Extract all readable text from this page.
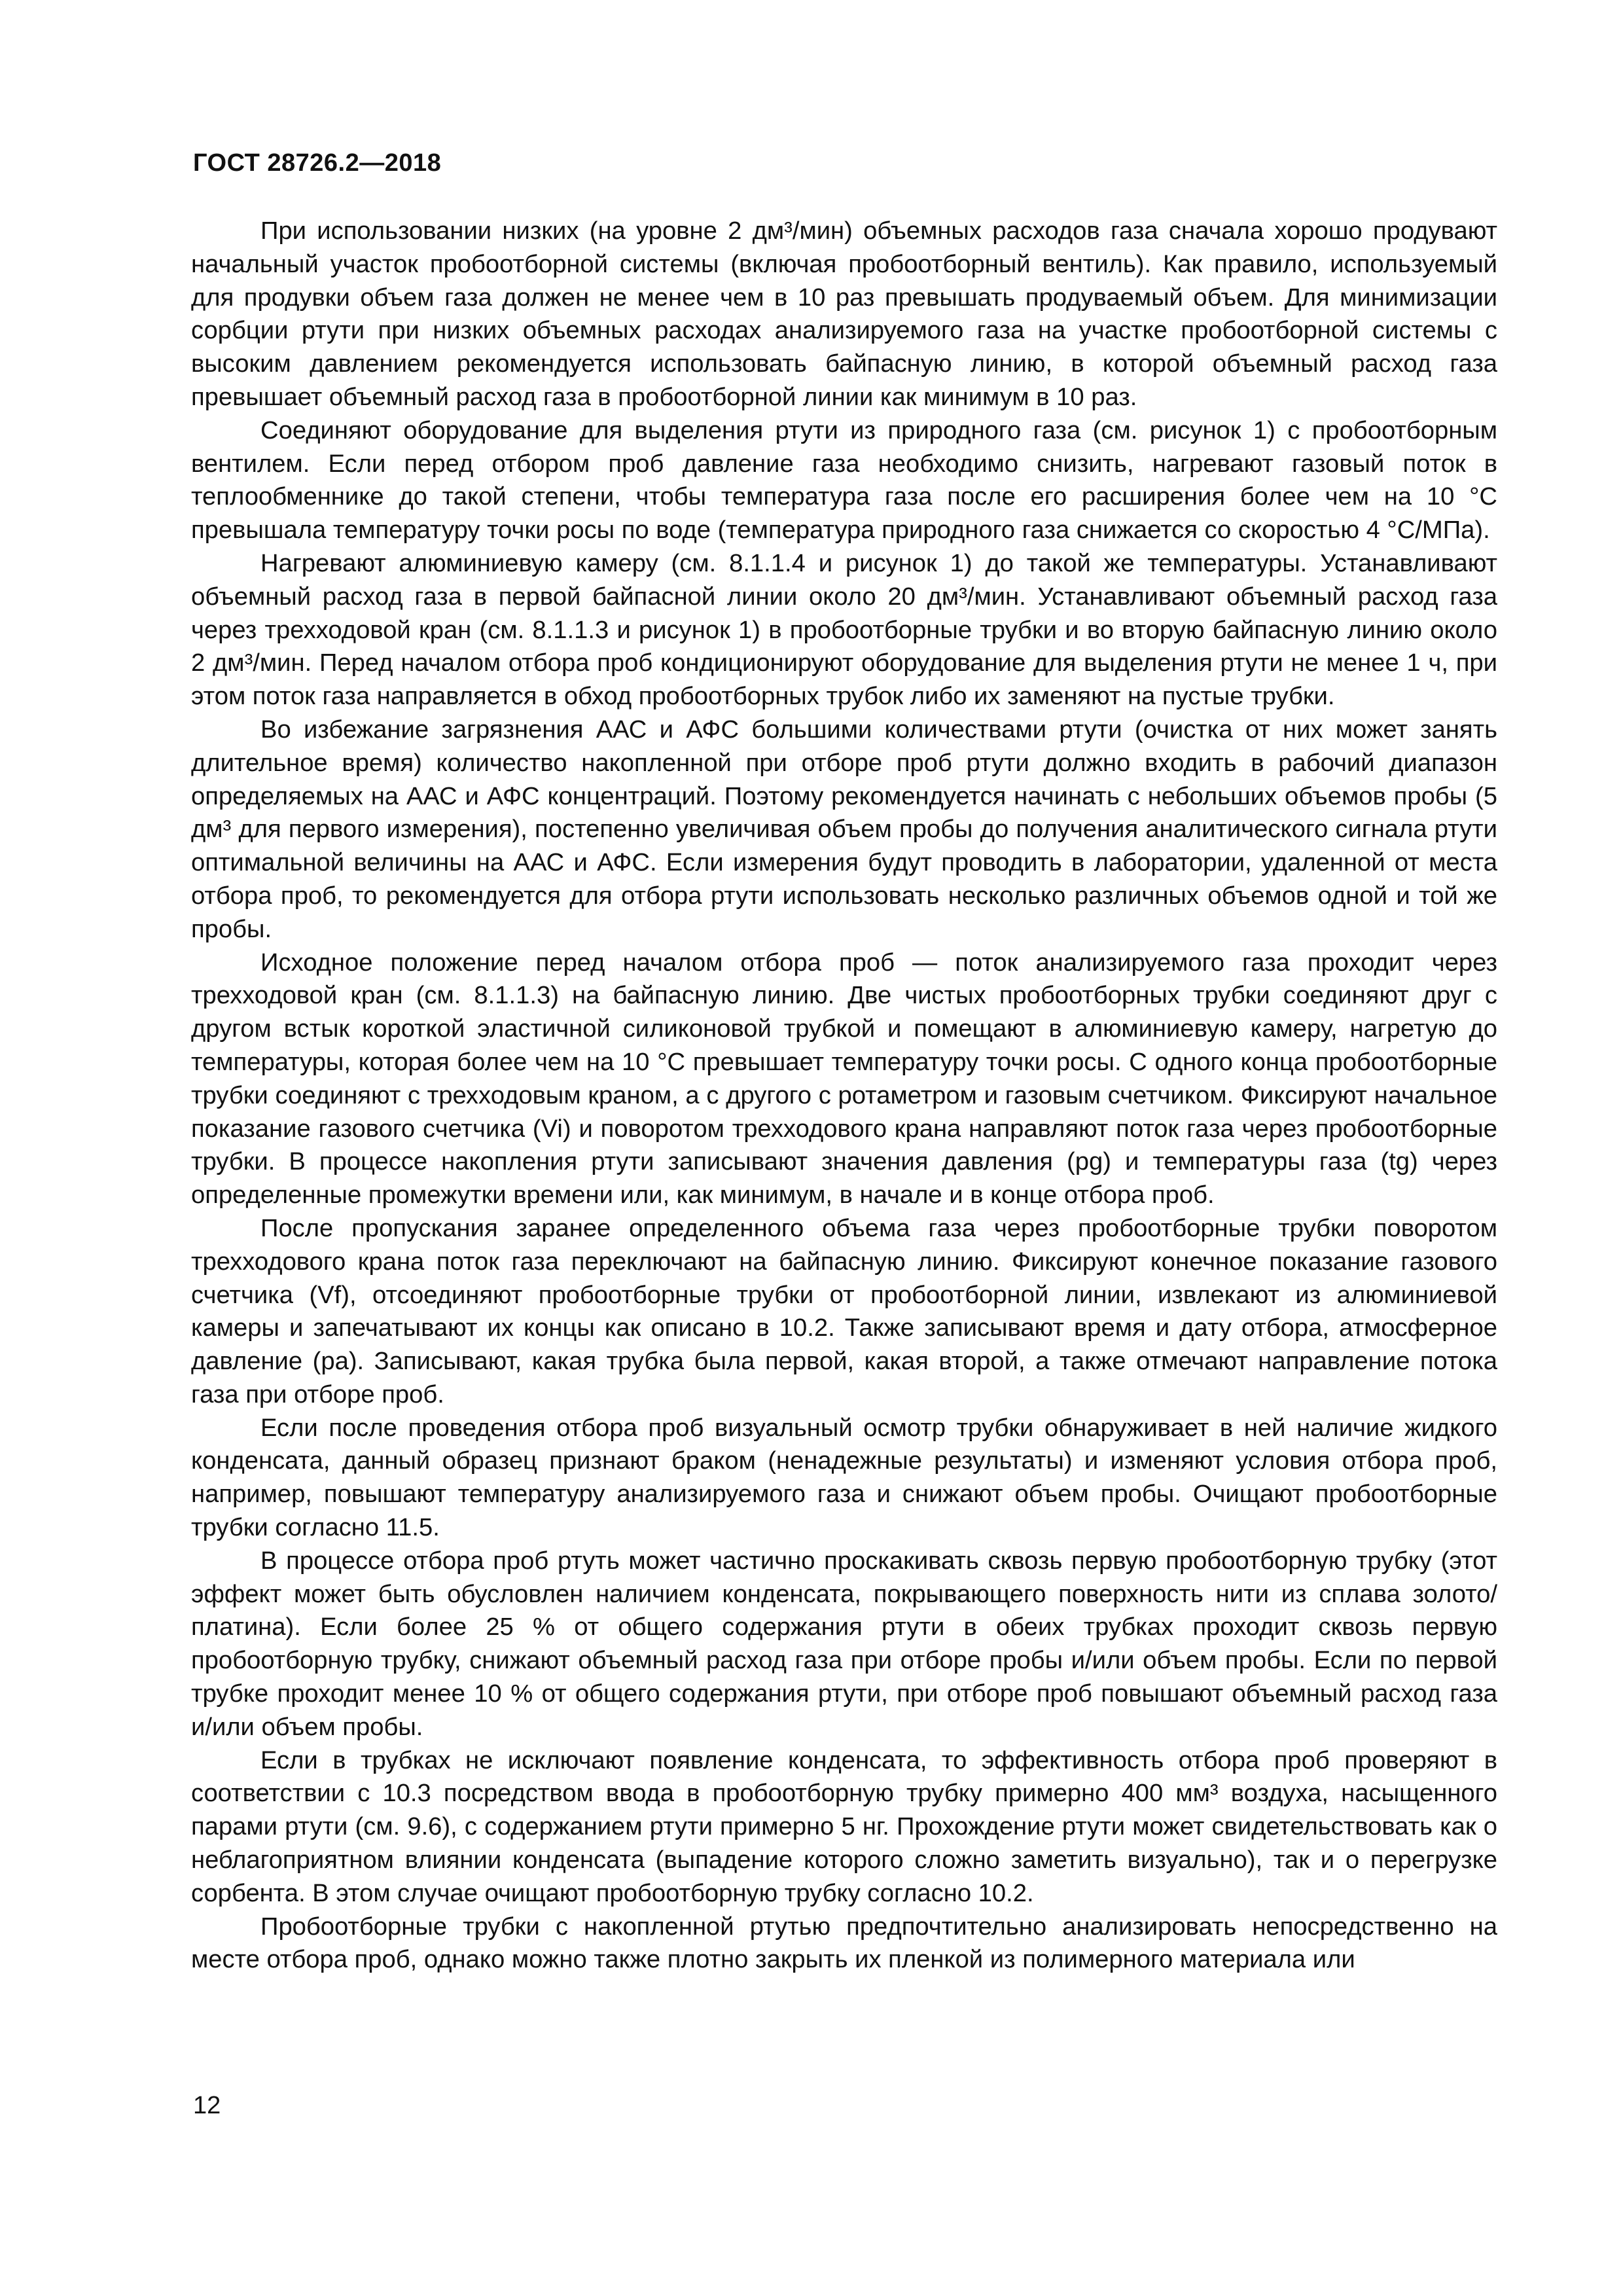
ГОСТ 28726.2—2018

При использовании низких (на уровне 2 дм³/мин) объемных расходов газа сначала хорошо продувают начальный участок пробоотборной системы (включая пробоотборный вентиль). Как правило, используемый для продувки объем газа должен не менее чем в 10 раз превышать продуваемый объем. Для минимизации сорбции ртути при низких объемных расходах анализируемого газа на участке пробоотборной системы с высоким давлением рекомендуется использовать байпасную линию, в которой объемный расход газа превышает объемный расход газа в пробоотборной линии как минимум в 10 раз.

Соединяют оборудование для выделения ртути из природного газа (см. рисунок 1) с пробоотборным вентилем. Если перед отбором проб давление газа необходимо снизить, нагревают газовый поток в теплообменнике до такой степени, чтобы температура газа после его расширения более чем на 10 °С превышала температуру точки росы по воде (температура природного газа снижается со скоростью 4 °С/МПа).

Нагревают алюминиевую камеру (см. 8.1.1.4 и рисунок 1) до такой же температуры. Устанавливают объемный расход газа в первой байпасной линии около 20 дм³/мин. Устанавливают объемный расход газа через трехходовой кран (см. 8.1.1.3 и рисунок 1) в пробоотборные трубки и во вторую байпасную линию около 2 дм³/мин. Перед началом отбора проб кондиционируют оборудование для выделения ртути не менее 1 ч, при этом поток газа направляется в обход пробоотборных трубок либо их заменяют на пустые трубки.

Во избежание загрязнения ААС и АФС большими количествами ртути (очистка от них может занять длительное время) количество накопленной при отборе проб ртути должно входить в рабочий диапазон определяемых на ААС и АФС концентраций. Поэтому рекомендуется начинать с небольших объемов пробы (5 дм³ для первого измерения), постепенно увеличивая объем пробы до получения аналитического сигнала ртути оптимальной величины на ААС и АФС. Если измерения будут проводить в лаборатории, удаленной от места отбора проб, то рекомендуется для отбора ртути использовать несколько различных объемов одной и той же пробы.

Исходное положение перед началом отбора проб — поток анализируемого газа проходит через трехходовой кран (см. 8.1.1.3) на байпасную линию. Две чистых пробоотборных трубки соединяют друг с другом встык короткой эластичной силиконовой трубкой и помещают в алюминиевую камеру, нагретую до температуры, которая более чем на 10 °С превышает температуру точки росы. С одного конца пробоотборные трубки соединяют с трехходовым краном, а с другого с ротаметром и газовым счетчиком. Фиксируют начальное показание газового счетчика (Vi) и поворотом трехходового крана направляют поток газа через пробоотборные трубки. В процессе накопления ртути записывают значения давления (pg) и температуры газа (tg) через определенные промежутки времени или, как минимум, в начале и в конце отбора проб.

После пропускания заранее определенного объема газа через пробоотборные трубки поворотом трехходового крана поток газа переключают на байпасную линию. Фиксируют конечное показание газового счетчика (Vf), отсоединяют пробоотборные трубки от пробоотборной линии, извлекают из алюминиевой камеры и запечатывают их концы как описано в 10.2. Также записывают время и дату отбора, атмосферное давление (pa). Записывают, какая трубка была первой, какая второй, а также отмечают направление потока газа при отборе проб.

Если после проведения отбора проб визуальный осмотр трубки обнаруживает в ней наличие жидкого конденсата, данный образец признают браком (ненадежные результаты) и изменяют условия отбора проб, например, повышают температуру анализируемого газа и снижают объем пробы. Очищают пробоотборные трубки согласно 11.5.

В процессе отбора проб ртуть может частично проскакивать сквозь первую пробоотборную трубку (этот эффект может быть обусловлен наличием конденсата, покрывающего поверхность нити из сплава золото/платина). Если более 25 % от общего содержания ртути в обеих трубках проходит сквозь первую пробоотборную трубку, снижают объемный расход газа при отборе пробы и/или объем пробы. Если по первой трубке проходит менее 10 % от общего содержания ртути, при отборе проб повышают объемный расход газа и/или объем пробы.

Если в трубках не исключают появление конденсата, то эффективность отбора проб проверяют в соответствии с 10.3 посредством ввода в пробоотборную трубку примерно 400 мм³ воздуха, насыщенного парами ртути (см. 9.6), с содержанием ртути примерно 5 нг. Прохождение ртути может свидетельствовать как о неблагоприятном влиянии конденсата (выпадение которого сложно заметить визуально), так и о перегрузке сорбента. В этом случае очищают пробоотборную трубку согласно 10.2.

Пробоотборные трубки с накопленной ртутью предпочтительно анализировать непосредственно на месте отбора проб, однако можно также плотно закрыть их пленкой из полимерного материала или

12
